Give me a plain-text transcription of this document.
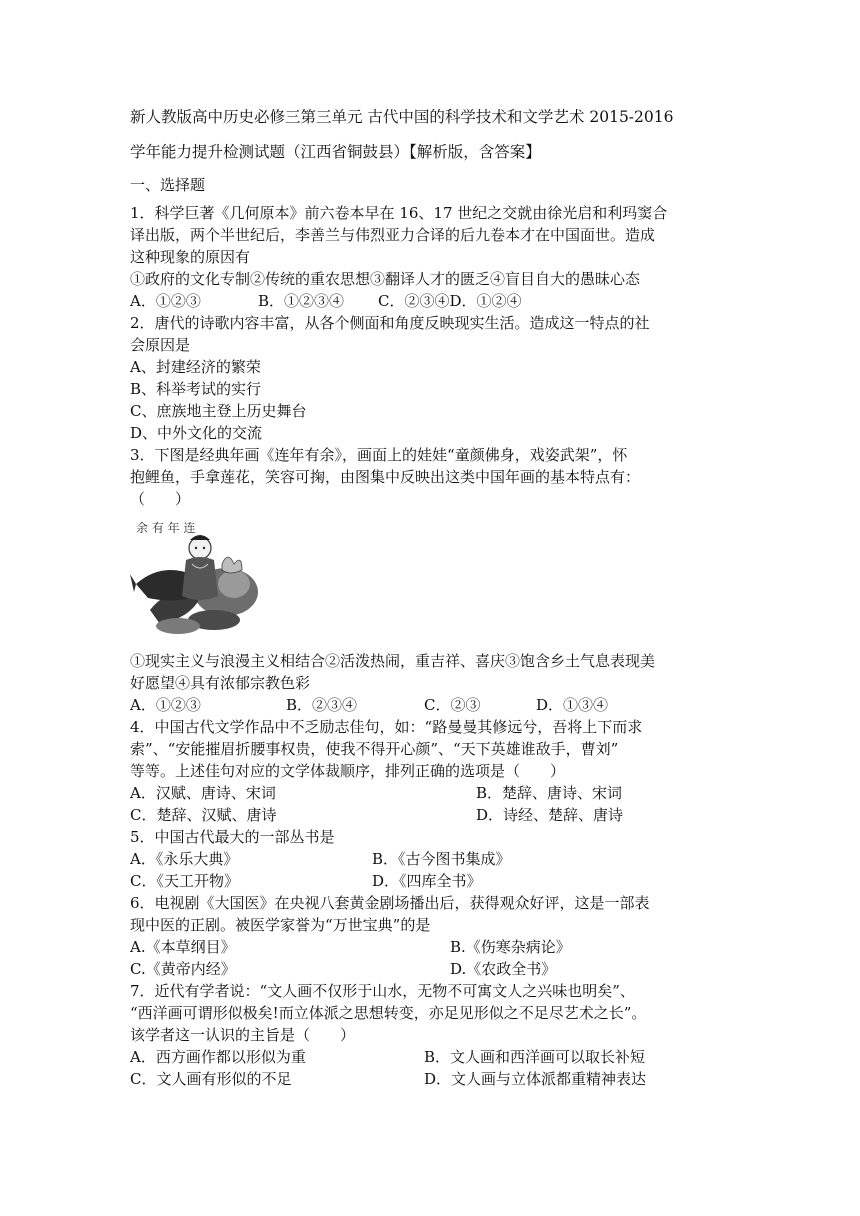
新人教版高中历史必修三第三单元 古代中国的科学技术和文学艺术 2015-2016
学年能力提升检测试题（江西省铜鼓县）【解析版，含答案】
一、选择题
1．科学巨著《几何原本》前六卷本早在 16、17 世纪之交就由徐光启和利玛窦合
译出版，两个半世纪后，李善兰与伟烈亚力合译的后九卷本才在中国面世。造成
这种现象的原因有
①政府的文化专制②传统的重农思想③翻译人才的匮乏④盲目自大的愚昧心态
A．①②③	B．①②③④	C．②③④D．①②④
2．唐代的诗歌内容丰富，从各个侧面和角度反映现实生活。造成这一特点的社
会原因是
A、封建经济的繁荣
B、科举考试的实行
C、庶族地主登上历史舞台
D、中外文化的交流
3．下图是经典年画《连年有余》，画面上的娃娃“童颜佛身，戏姿武架”，怀
抱鲤鱼，手拿莲花，笑容可掬，由图集中反映出这类中国年画的基本特点有：
（　　）
余 有 年 连
①现实主义与浪漫主义相结合②活泼热闹，重吉祥、喜庆③饱含乡土气息表现美
好愿望④具有浓郁宗教色彩
A．①②③	B．②③④	C．②③	D．①③④
4．中国古代文学作品中不乏励志佳句，如：“路曼曼其修远兮，吾将上下而求
索”、“安能摧眉折腰事权贵，使我不得开心颜”、“天下英雄谁敌手，曹刘”
等等。上述佳句对应的文学体裁顺序，排列正确的选项是（　　）
A．汉赋、唐诗、宋词	B．楚辞、唐诗、宋词
C．楚辞、汉赋、唐诗	D．诗经、楚辞、唐诗
5．中国古代最大的一部丛书是
A．《永乐大典》	B．《古今图书集成》
C．《天工开物》	D．《四库全书》
6．电视剧《大国医》在央视八套黄金剧场播出后，获得观众好评，这是一部表
现中医的正剧。被医学家誉为“万世宝典”的是
A.《本草纲目》	B.《伤寒杂病论》
C.《黄帝内经》	D.《农政全书》
7．近代有学者说：“文人画不仅形于山水，无物不可寓文人之兴味也明矣”、
“西洋画可谓形似极矣!而立体派之思想转变，亦足见形似之不足尽艺术之长”。
该学者这一认识的主旨是（　　）
A．西方画作都以形似为重	B．文人画和西洋画可以取长补短
C．文人画有形似的不足	D．文人画与立体派都重精神表达
